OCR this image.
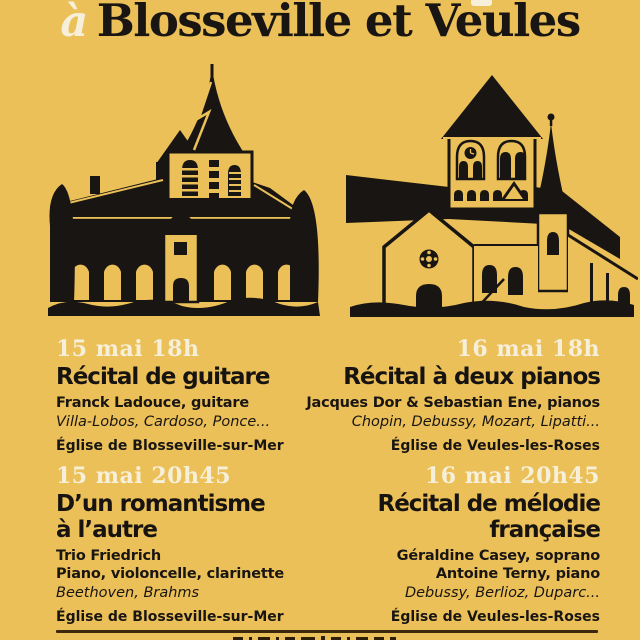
à Blosseville et Veules
15 mai 18h
Récital de guitare
Franck Ladouce, guitare
Villa-Lobos, Cardoso, Ponce...
Église de Blosseville-sur-Mer
16 mai 18h
Récital à deux pianos
Jacques Dor & Sebastian Ene, pianos
Chopin, Debussy, Mozart, Lipatti...
Église de Veules-les-Roses
15 mai 20h45
D’un romantisme
à l’autre
Trio Friedrich
Piano, violoncelle, clarinette
Beethoven, Brahms
Église de Blosseville-sur-Mer
16 mai 20h45
Récital de mélodie
française
Géraldine Casey, soprano
Antoine Terny, piano
Debussy, Berlioz, Duparc...
Église de Veules-les-Roses
